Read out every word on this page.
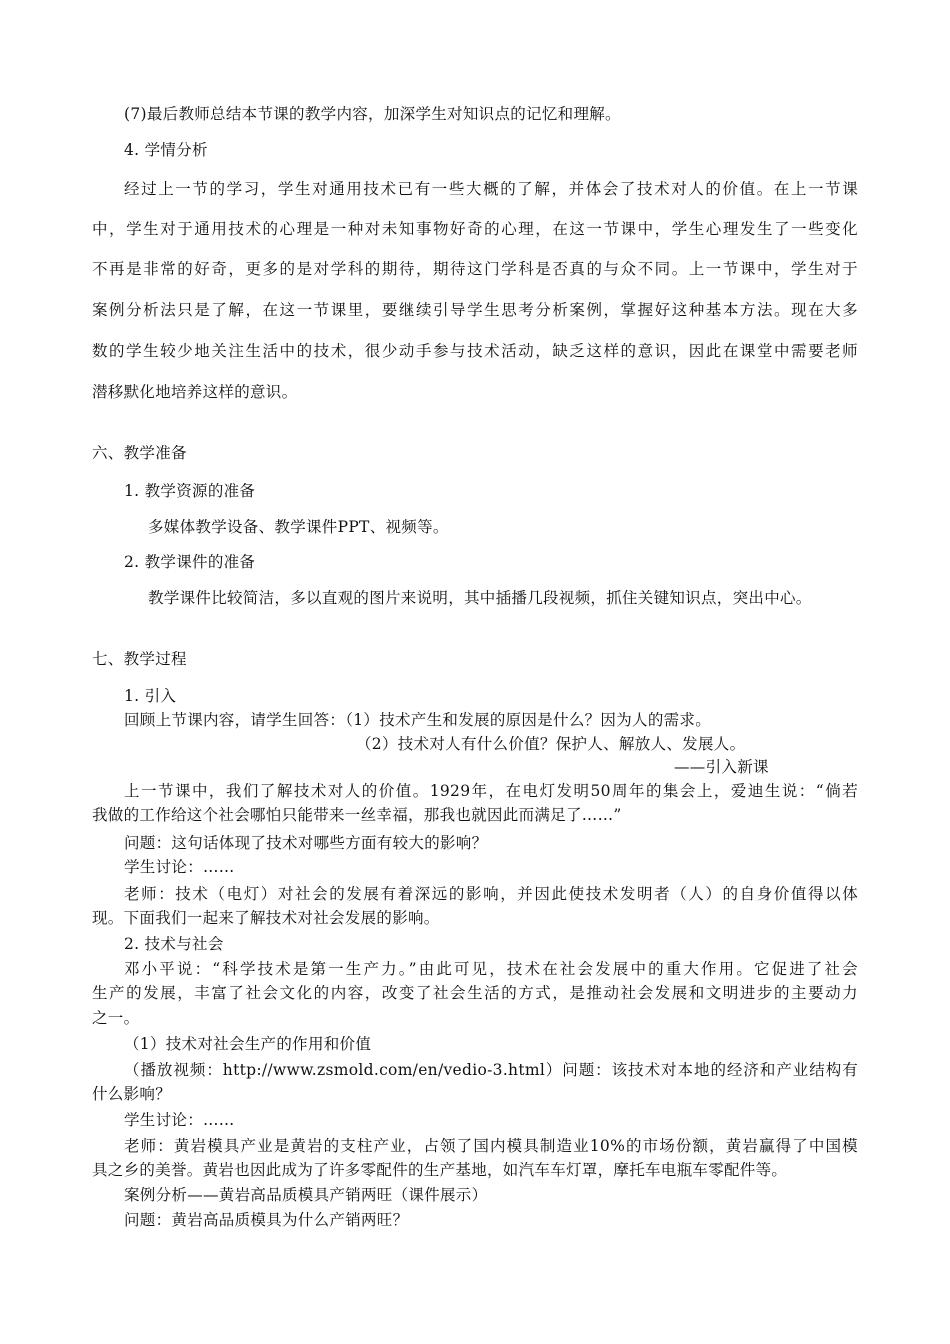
(7)最后教师总结本节课的教学内容，加深学生对知识点的记忆和理解。
4. 学情分析
经过上一节的学习，学生对通用技术已有一些大概的了解，并体会了技术对人的价值。在上一节课
中，学生对于通用技术的心理是一种对未知事物好奇的心理，在这一节课中，学生心理发生了一些变化
不再是非常的好奇，更多的是对学科的期待，期待这门学科是否真的与众不同。上一节课中，学生对于
案例分析法只是了解，在这一节课里，要继续引导学生思考分析案例，掌握好这种基本方法。现在大多
数的学生较少地关注生活中的技术，很少动手参与技术活动，缺乏这样的意识，因此在课堂中需要老师
潜移默化地培养这样的意识。
六、教学准备
1. 教学资源的准备
多媒体教学设备、教学课件PPT、视频等。
2. 教学课件的准备
教学课件比较简洁，多以直观的图片来说明，其中插播几段视频，抓住关键知识点，突出中心。
七、教学过程
1. 引入
回顾上节课内容，请学生回答：（1）技术产生和发展的原因是什么？因为人的需求。
（2）技术对人有什么价值？保护人、解放人、发展人。
——引入新课
上一节课中，我们了解技术对人的价值。1929年，在电灯发明50周年的集会上，爱迪生说：“倘若
我做的工作给这个社会哪怕只能带来一丝幸福，那我也就因此而满足了……”
问题：这句话体现了技术对哪些方面有较大的影响？
学生讨论：……
老师：技术（电灯）对社会的发展有着深远的影响，并因此使技术发明者（人）的自身价值得以体
现。下面我们一起来了解技术对社会发展的影响。
2. 技术与社会
邓小平说：“科学技术是第一生产力。”由此可见，技术在社会发展中的重大作用。它促进了社会
生产的发展，丰富了社会文化的内容，改变了社会生活的方式，是推动社会发展和文明进步的主要动力
之一。
（1）技术对社会生产的作用和价值
（播放视频：http://www.zsmold.com/en/vedio-3.html）问题：该技术对本地的经济和产业结构有
什么影响？
学生讨论：……
老师：黄岩模具产业是黄岩的支柱产业，占领了国内模具制造业10%的市场份额，黄岩赢得了中国模
具之乡的美誉。黄岩也因此成为了许多零配件的生产基地，如汽车车灯罩，摩托车电瓶车零配件等。
案例分析——黄岩高品质模具产销两旺（课件展示）
问题：黄岩高品质模具为什么产销两旺？
